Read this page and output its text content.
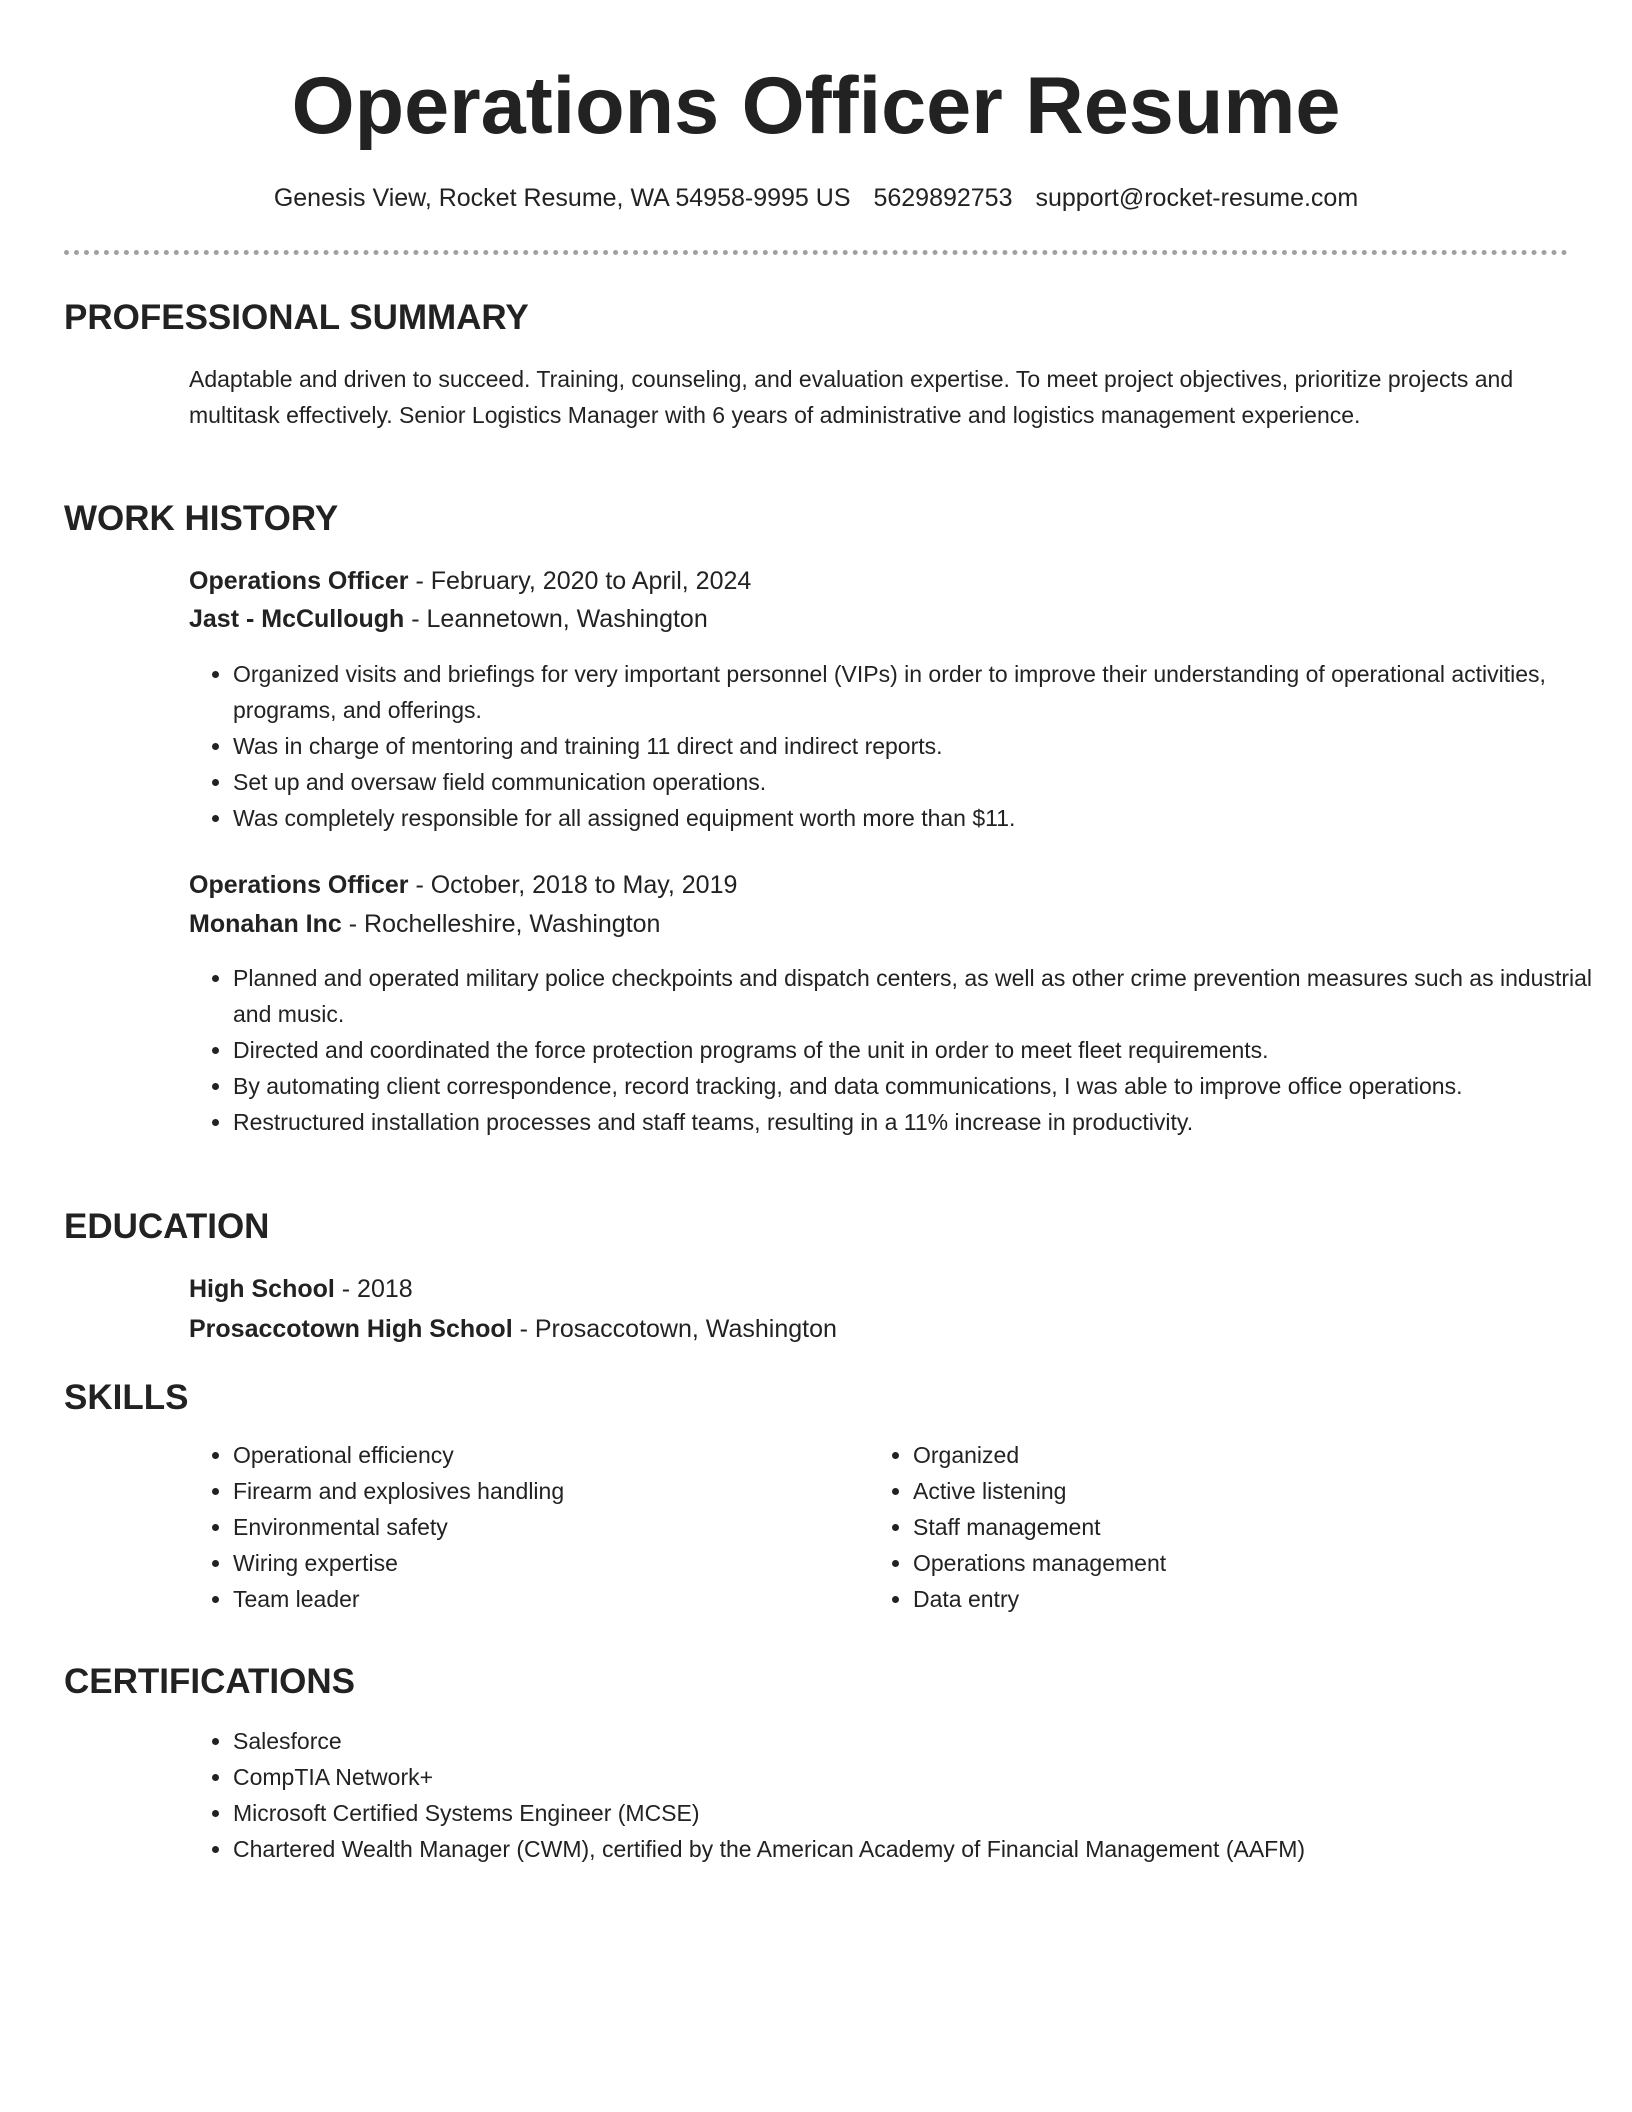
Operations Officer Resume
Genesis View, Rocket Resume, WA 54958-9995 US 5629892753 support@rocket-resume.com
PROFESSIONAL SUMMARY

Adaptable and driven to succeed. Training, counseling, and evaluation expertise. To meet project objectives, prioritize projects and multitask effectively. Senior Logistics Manager with 6 years of administrative and logistics management experience.

WORK HISTORY

Operations Officer - February, 2020 to April, 2024

Jast - McCullough - Leannetown, Washington

• Organized visits and briefings for very important personnel (VIPs) in order to improve their understanding of operational activities, programs, and offerings.
• Was in charge of mentoring and training 11 direct and indirect reports.
• Set up and oversaw field communication operations.
• Was completely responsible for all assigned equipment worth more than $11.

Operations Officer - October, 2018 to May, 2019

Monahan Inc - Rochelleshire, Washington

• Planned and operated military police checkpoints and dispatch centers, as well as other crime prevention measures such as industrial and music.
• Directed and coordinated the force protection programs of the unit in order to meet fleet requirements.
• By automating client correspondence, record tracking, and data communications, I was able to improve office operations.
• Restructured installation processes and staff teams, resulting in a 11% increase in productivity.
EDUCATION

High School - 2018

Prosaccotown High School - Prosaccotown, Washington

SKILLS
• Operational efficiency
• Firearm and explosives handling
• Environmental safety
• Wiring expertise
• Team leader
• Organized
• Active listening
• Staff management
• Operations management
• Data entry
CERTIFICATIONS
• Salesforce
• CompTIA Network+
• Microsoft Certified Systems Engineer (MCSE)
• Chartered Wealth Manager (CWM), certified by the American Academy of Financial Management (AAFM)
